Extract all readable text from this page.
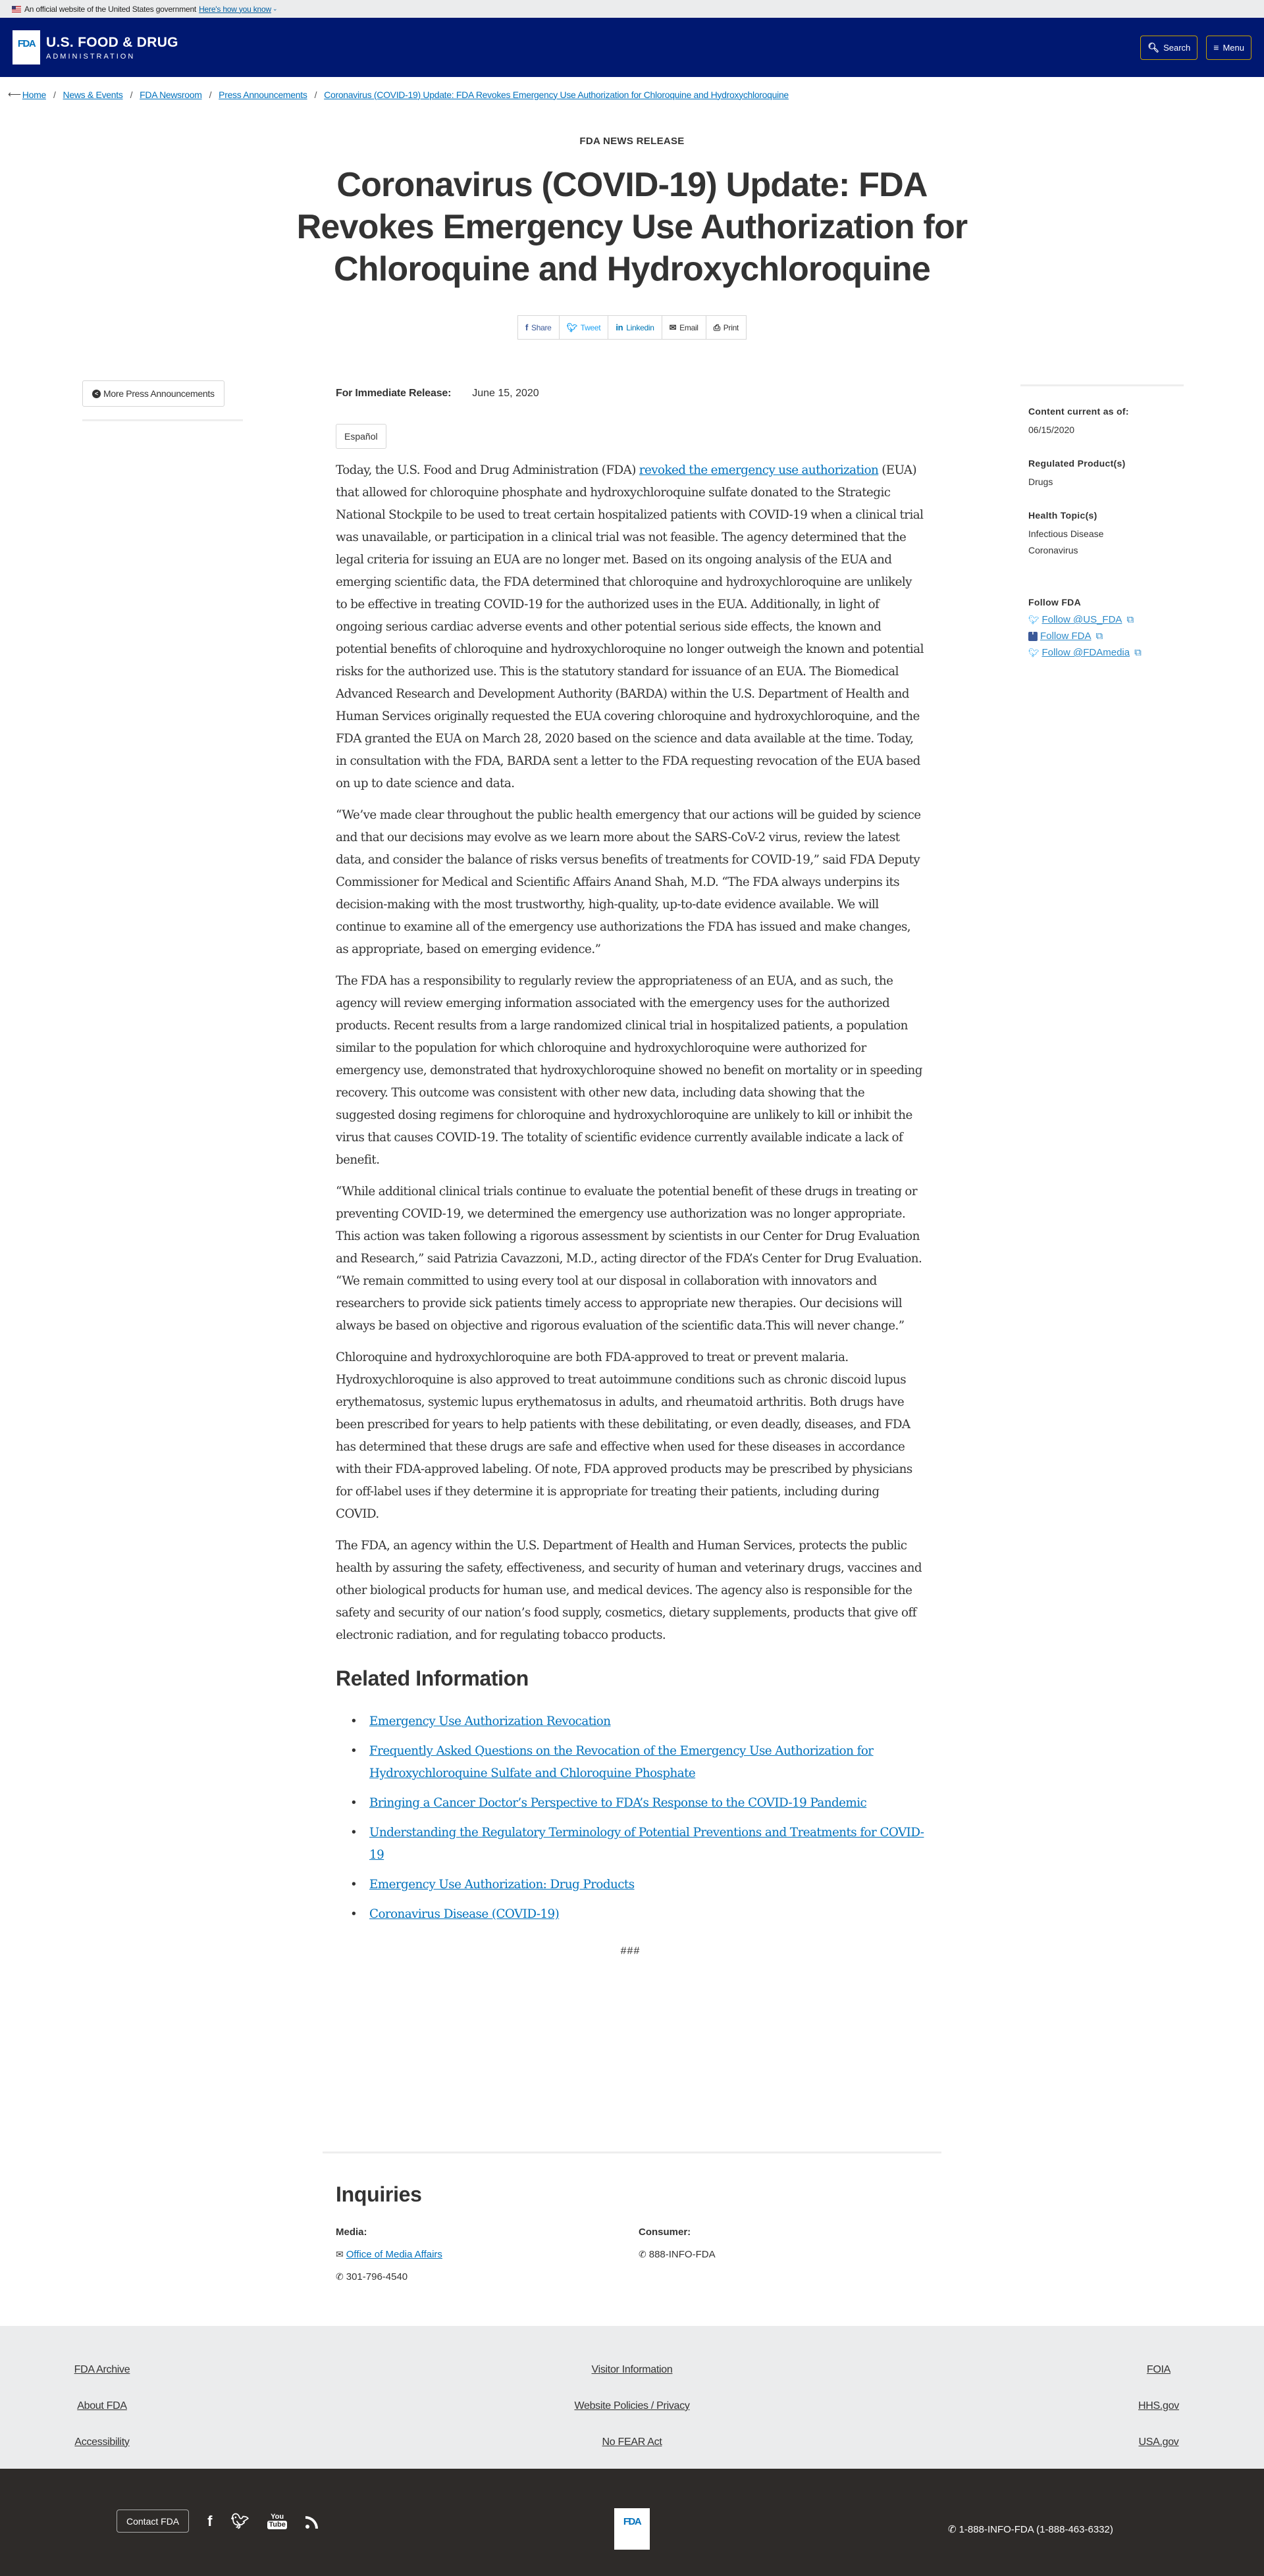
An official website of the United States government Here's how you know ⌄
FDA U.S. FOOD & DRUG
ADMINISTRATION
🔍︎ Search	≡ Menu
⟵ Home / News & Events / FDA Newsroom / Press Announcements / Coronavirus (COVID-19) Update: FDA Revokes Emergency Use Authorization for Chloroquine and Hydroxychloroquine
FDA NEWS RELEASE
Coronavirus (COVID-19) Update: FDA Revokes Emergency Use Authorization for Chloroquine and Hydroxychloroquine
f Share 🐦︎ Tweet in Linkedin ✉ Email ⎙ Print
< More Press Announcements	For Immediate Release: June 15, 2020
Español

Today, the U.S. Food and Drug Administration (FDA) revoked the emergency use authorization (EUA) that allowed for chloroquine phosphate and hydroxychloroquine sulfate donated to the Strategic National Stockpile to be used to treat certain hospitalized patients with COVID-19 when a clinical trial was unavailable, or participation in a clinical trial was not feasible. The agency determined that the legal criteria for issuing an EUA are no longer met. Based on its ongoing analysis of the EUA and emerging scientific data, the FDA determined that chloroquine and hydroxychloroquine are unlikely to be effective in treating COVID-19 for the authorized uses in the EUA. Additionally, in light of ongoing serious cardiac adverse events and other potential serious side effects, the known and potential benefits of chloroquine and hydroxychloroquine no longer outweigh the known and potential risks for the authorized use. This is the statutory standard for issuance of an EUA. The Biomedical Advanced Research and Development Authority (BARDA) within the U.S. Department of Health and Human Services originally requested the EUA covering chloroquine and hydroxychloroquine, and the FDA granted the EUA on March 28, 2020 based on the science and data available at the time. Today, in consultation with the FDA, BARDA sent a letter to the FDA requesting revocation of the EUA based on up to date science and data.

“We’ve made clear throughout the public health emergency that our actions will be guided by science and that our decisions may evolve as we learn more about the SARS-CoV-2 virus, review the latest data, and consider the balance of risks versus benefits of treatments for COVID-19,” said FDA Deputy Commissioner for Medical and Scientific Affairs Anand Shah, M.D. “The FDA always underpins its decision-making with the most trustworthy, high-quality, up-to-date evidence available. We will continue to examine all of the emergency use authorizations the FDA has issued and make changes, as appropriate, based on emerging evidence.”

The FDA has a responsibility to regularly review the appropriateness of an EUA, and as such, the agency will review emerging information associated with the emergency uses for the authorized products. Recent results from a large randomized clinical trial in hospitalized patients, a population similar to the population for which chloroquine and hydroxychloroquine were authorized for emergency use, demonstrated that hydroxychloroquine showed no benefit on mortality or in speeding recovery. This outcome was consistent with other new data, including data showing that the suggested dosing regimens for chloroquine and hydroxychloroquine are unlikely to kill or inhibit the virus that causes COVID-19. The totality of scientific evidence currently available indicate a lack of benefit.

“While additional clinical trials continue to evaluate the potential benefit of these drugs in treating or preventing COVID-19, we determined the emergency use authorization was no longer appropriate. This action was taken following a rigorous assessment by scientists in our Center for Drug Evaluation and Research,” said Patrizia Cavazzoni, M.D., acting director of the FDA’s Center for Drug Evaluation. “We remain committed to using every tool at our disposal in collaboration with innovators and researchers to provide sick patients timely access to appropriate new therapies. Our decisions will always be based on objective and rigorous evaluation of the scientific data.This will never change.”

Chloroquine and hydroxychloroquine are both FDA-approved to treat or prevent malaria. Hydroxychloroquine is also approved to treat autoimmune conditions such as chronic discoid lupus erythematosus, systemic lupus erythematosus in adults, and rheumatoid arthritis. Both drugs have been prescribed for years to help patients with these debilitating, or even deadly, diseases, and FDA has determined that these drugs are safe and effective when used for these diseases in accordance with their FDA-approved labeling. Of note, FDA approved products may be prescribed by physicians for off-label uses if they determine it is appropriate for treating their patients, including during COVID.

The FDA, an agency within the U.S. Department of Health and Human Services, protects the public health by assuring the safety, effectiveness, and security of human and veterinary drugs, vaccines and other biological products for human use, and medical devices. The agency also is responsible for the safety and security of our nation’s food supply, cosmetics, dietary supplements, products that give off electronic radiation, and for regulating tobacco products.

Related Information
• Emergency Use Authorization Revocation
• Frequently Asked Questions on the Revocation of the Emergency Use Authorization for Hydroxychloroquine Sulfate and Chloroquine Phosphate
• Bringing a Cancer Doctor’s Perspective to FDA’s Response to the COVID-19 Pandemic
• Understanding the Regulatory Terminology of Potential Preventions and Treatments for COVID-19
• Emergency Use Authorization: Drug Products
• Coronavirus Disease (COVID-19)
###
Content current as of:
06/15/2020
Regulated Product(s)
Drugs
Health Topic(s)
Infectious Disease
Coronavirus
Follow FDA
🐦︎ Follow @US_FDA ⧉
f Follow FDA ⧉
🐦︎ Follow @FDAmedia ⧉
Inquiries
Media:
✉ Office of Media Affairs
✆ 301-796-4540
Consumer:
✆ 888-INFO-FDA
FDA Archive	Visitor Information	FOIA
About FDA	Website Policies / Privacy	HHS.gov
Accessibility	No FEAR Act	USA.gov
Contact FDA	f 🐦︎	You
Tube	FDA
✆ 1-888-INFO-FDA (1-888-463-6332)
